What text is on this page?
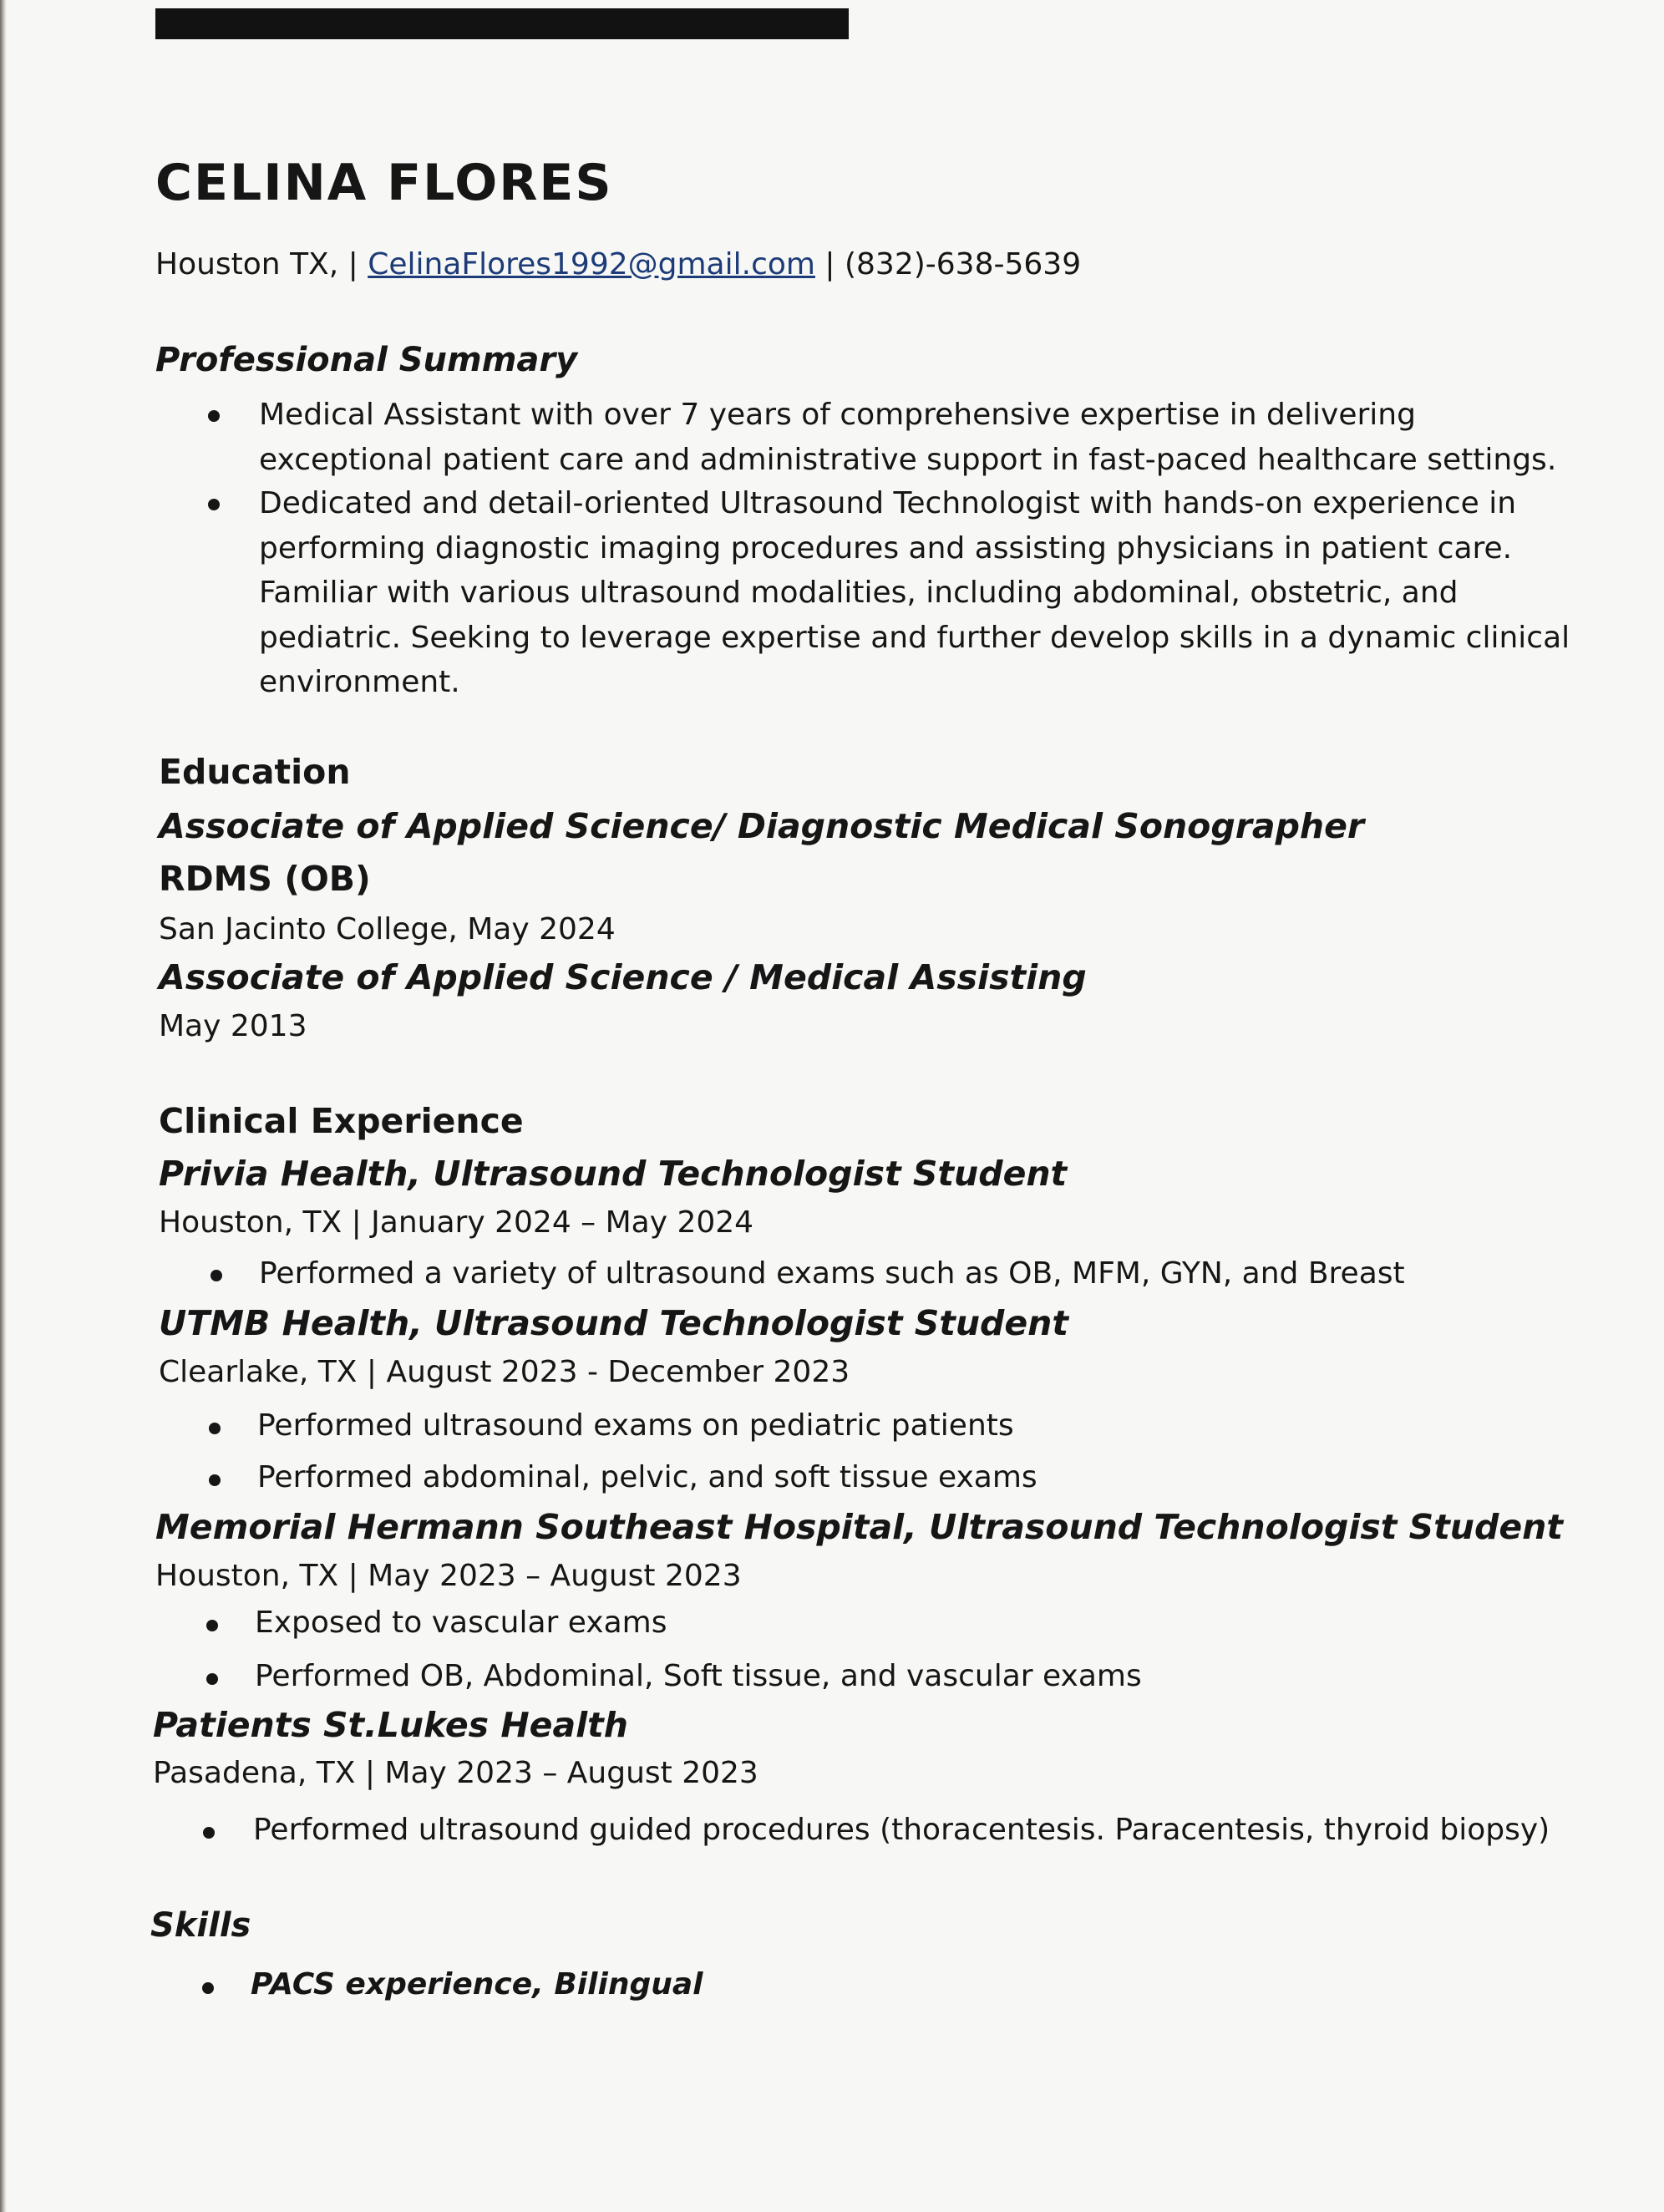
CELINA FLORES
Houston TX, | CelinaFlores1992@gmail.com | (832)-638-5639
Professional Summary
Medical Assistant with over 7 years of comprehensive expertise in delivering
exceptional patient care and administrative support in fast-paced healthcare settings.
Dedicated and detail-oriented Ultrasound Technologist with hands-on experience in
performing diagnostic imaging procedures and assisting physicians in patient care.
Familiar with various ultrasound modalities, including abdominal, obstetric, and
pediatric. Seeking to leverage expertise and further develop skills in a dynamic clinical
environment.
Education
Associate of Applied Science/ Diagnostic Medical Sonographer
RDMS (OB)
San Jacinto College, May 2024
Associate of Applied Science / Medical Assisting
May 2013
Clinical Experience
Privia Health, Ultrasound Technologist Student
Houston, TX | January 2024 – May 2024
Performed a variety of ultrasound exams such as OB, MFM, GYN, and Breast
UTMB Health, Ultrasound Technologist Student
Clearlake, TX | August 2023 - December 2023
Performed ultrasound exams on pediatric patients
Performed abdominal, pelvic, and soft tissue exams
Memorial Hermann Southeast Hospital, Ultrasound Technologist Student
Houston, TX | May 2023 – August 2023
Exposed to vascular exams
Performed OB, Abdominal, Soft tissue, and vascular exams
Patients St.Lukes Health
Pasadena, TX | May 2023 – August 2023
Performed ultrasound guided procedures (thoracentesis. Paracentesis, thyroid biopsy)
Skills
PACS experience, Bilingual
